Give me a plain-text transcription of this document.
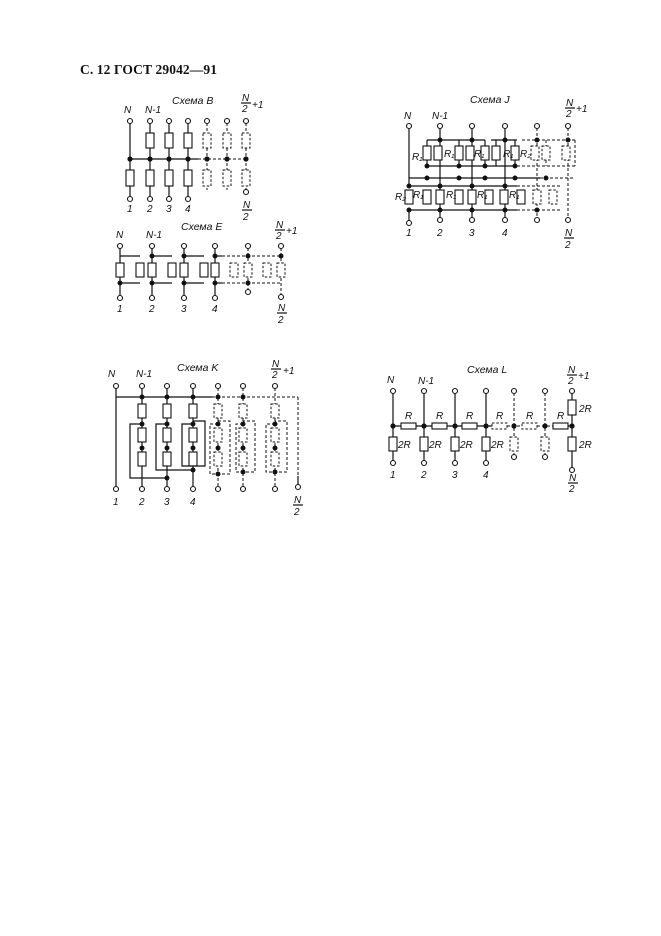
С. 12 ГОСТ 29042—91
Схема B
N N-1
N
2 +1
1 2 3 4	N
2
Схема J
N N-1
N
2 +1
R₁ R₁ R₁ R₁ R₂
R₂ R₁ R₁ R₁ R₁
1	2	3	4	N
2
Схема E
N N-1
N
2 +1
1	2	3	4	N
2
Схема K
N N-1
N
2 +1
1 2 3 4	N
2
Схема L
N N-1
N
2 +1
R R R R R R
2R 2R 2R 2R
2R
2R
1	2	3	4	N
2
